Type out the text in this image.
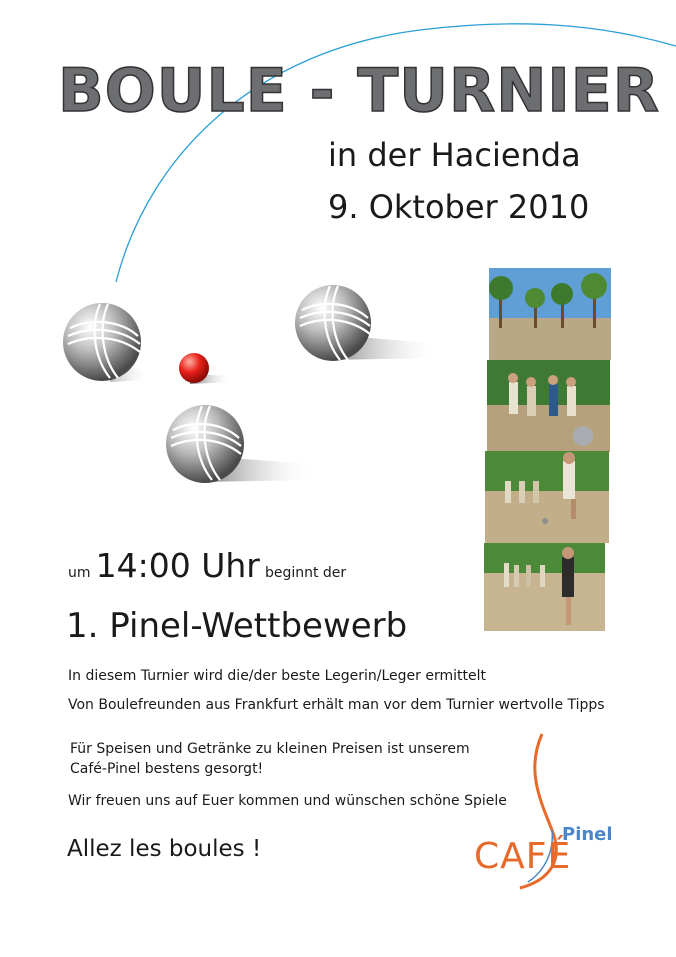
BOULE - TURNIER
in der Hacienda
9. Oktober 2010
um 14:00 Uhr beginnt der
1. Pinel-Wettbewerb
In diesem Turnier wird die/der beste Legerin/Leger ermittelt
Von Boulefreunden aus Frankfurt erhält man vor dem Turnier wertvolle Tipps
Für Speisen und Getränke zu kleinen Preisen ist unserem
Café-Pinel bestens gesorgt!
Wir freuen uns auf Euer kommen und wünschen schöne Spiele
Allez les boules !	CAFÉ
Pinel
